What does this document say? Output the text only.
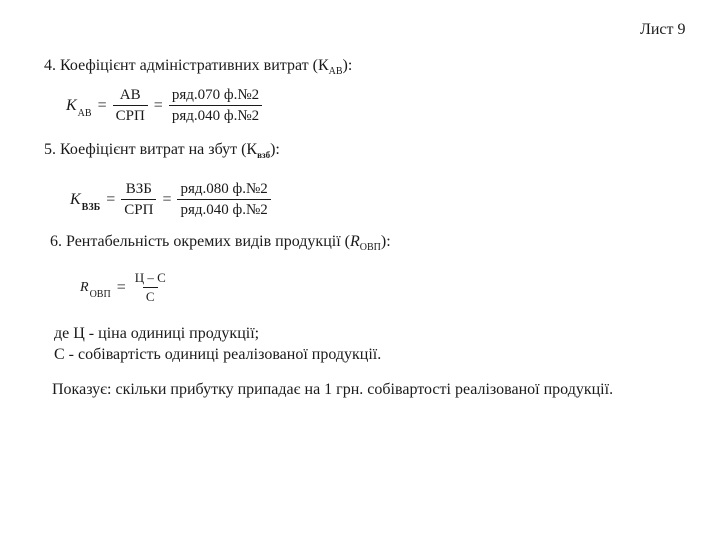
Лист 9
4. Коефіцієнт адміністративних витрат $(К_{АВ})$:
$K_{АВ} = \frac{АВ}{\text{СРП}} = \frac{\text{ряд.070 ф.№2}}{\text{ряд.040 ф.№2}}$
5. Коефіцієнт витрат на збут $(К_{взб})$:
$K_{ВЗБ} = \frac{\text{ВЗБ}}{\text{СРП}} = \frac{\text{ряд.080 ф.№2}}{\text{ряд.040 ф.№2}}$
6. Рентабельність окремих видів продукції $(R_{ОВП})$:
$R_{ОВП} = \frac{Ц - С}{С}$
де Ц - ціна одиниці продукції;
С - собівартість одиниці реалізованої продукції.
Показує: скільки прибутку припадає на 1 грн. собівартості реалізованої продукції.
